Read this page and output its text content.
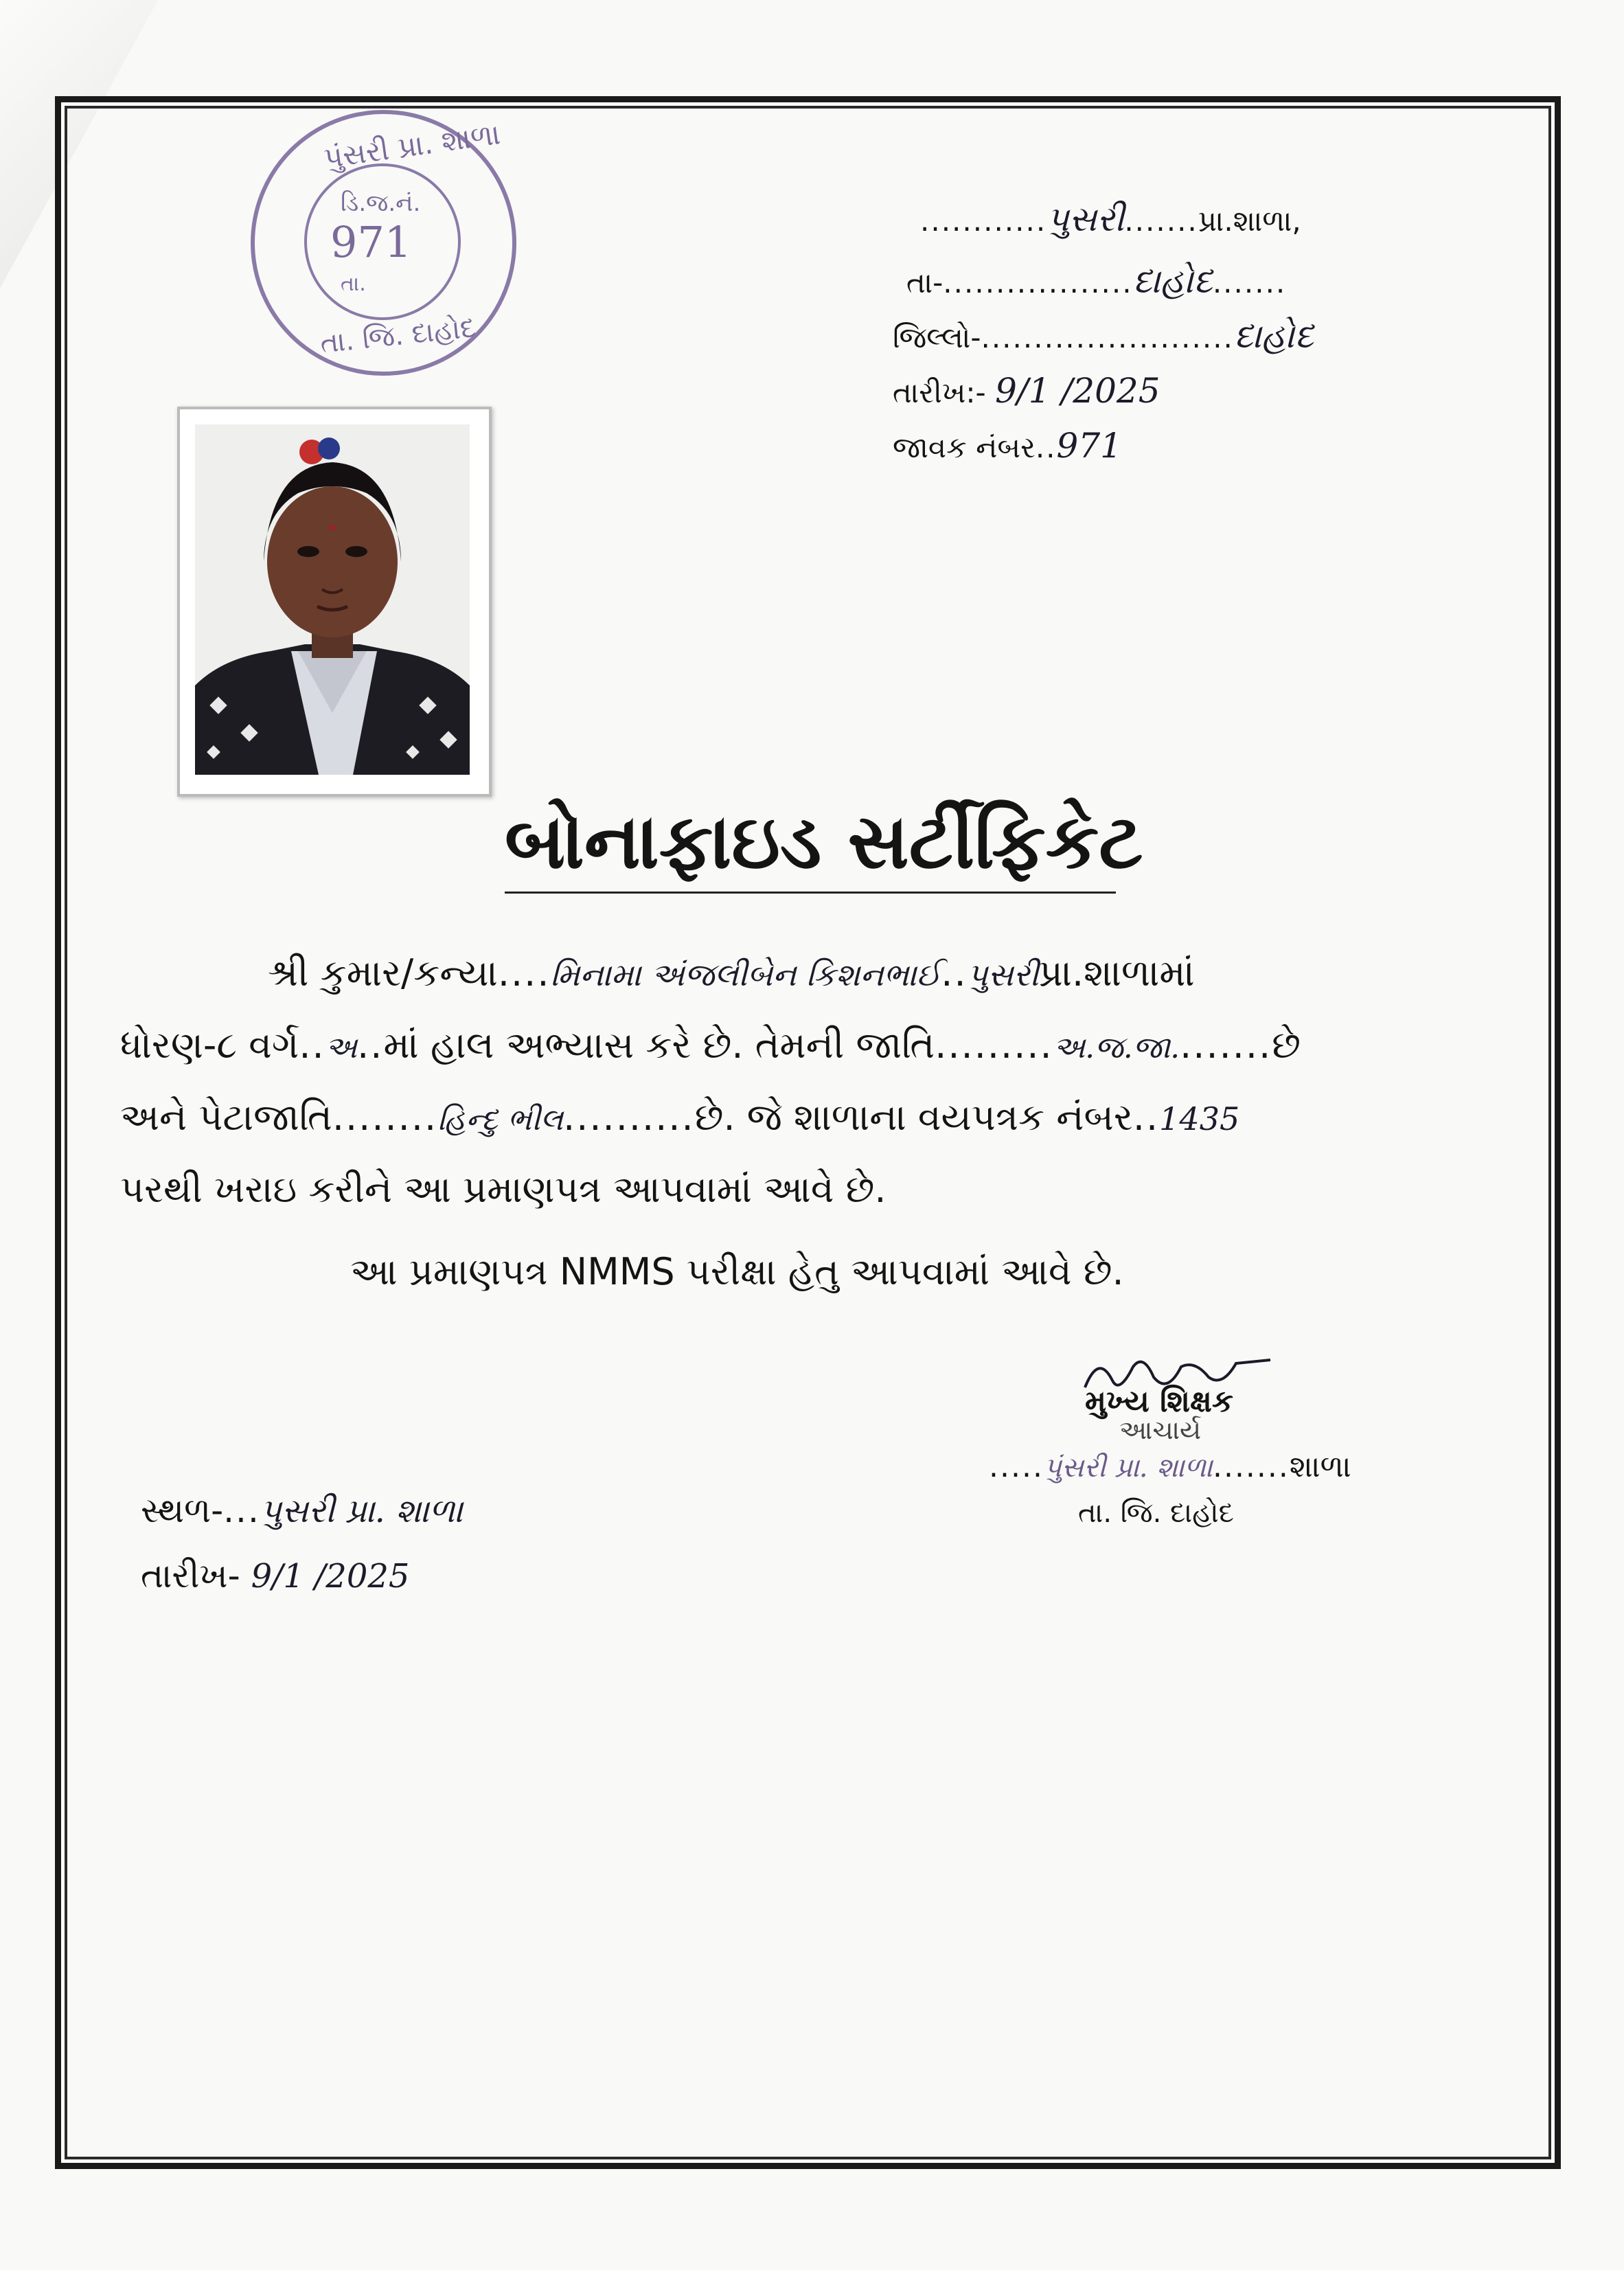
પુંસરી પ્રા. શાળા
ડિ.જ.નં.
971
તા.
તા. જિ. દાહોદ
............પુસરી.......પ્રા.શાળા,
તા-..................દાહોદ.......
જિલ્લો-........................દાહોદ
તારીખ:- 9/1 /2025
જાવક નંબર..971
બોનાફાઇડ સર્ટીફિકેટ
શ્રી કુમાર/કન્યા....મિનામા અંજલીબેન કિશનભાઈ..પુસરીપ્રા.શાળામાં
ધોરણ-૮ વર્ગ..અ..માં હાલ અભ્યાસ કરે છે. તેમની જાતિ.........અ.જ.જા........છે
અને પેટાજાતિ........હિન્દુ ભીલ..........છે. જે શાળાના વયપત્રક નંબર..1435
પરથી ખરાઇ કરીને આ પ્રમાણપત્ર આપવામાં આવે છે.
આ પ્રમાણપત્ર NMMS પરીક્ષા હેતુ આપવામાં આવે છે.
મુખ્ય શિક્ષક
આચાર્ય
.....પુંસરી પ્રા. શાળા.......શાળા
તા. જિ. દાહોદ
સ્થળ-...પુસરી પ્રા. શાળા
તારીખ- 9/1 /2025
